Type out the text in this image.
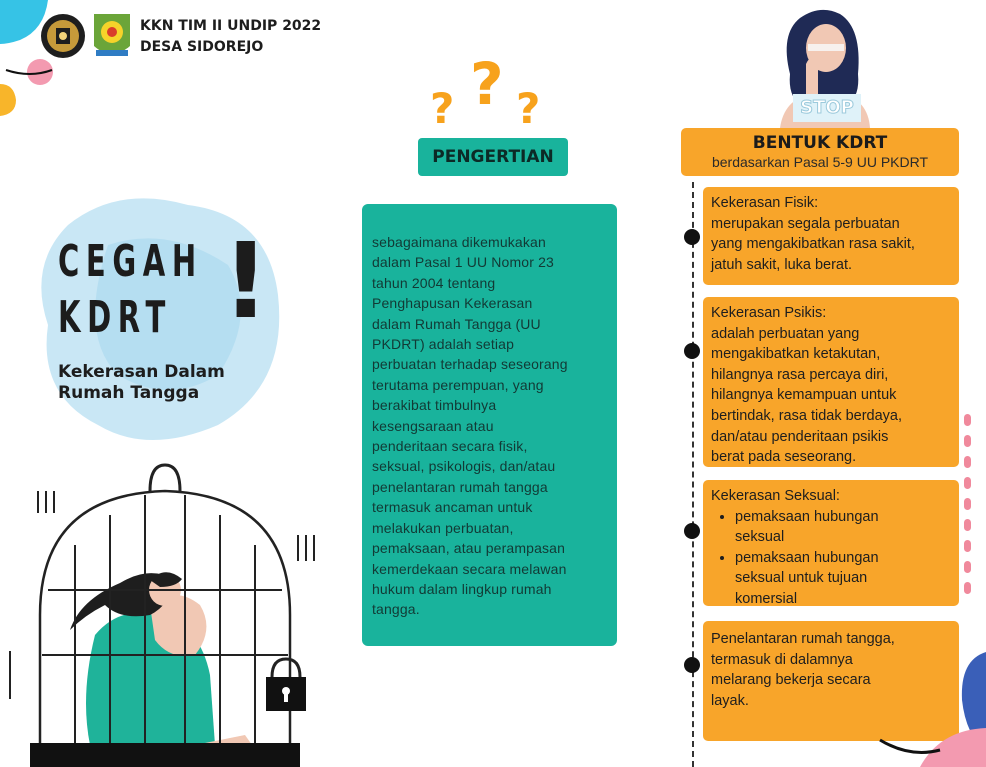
KKN TIM II UNDIP 2022
DESA SIDOREJO
CEGAH
KDRT !
Kekerasan Dalam
Rumah Tangga
? ? ?
PENGERTIAN
sebagaimana dikemukakan
dalam Pasal 1 UU Nomor 23
tahun 2004 tentang
Penghapusan Kekerasan
dalam Rumah Tangga (UU
PKDRT) adalah setiap
perbuatan terhadap seseorang
terutama perempuan, yang
berakibat timbulnya
kesengsaraan atau
penderitaan secara fisik,
seksual, psikologis, dan/atau
penelantaran rumah tangga
termasuk ancaman untuk
melakukan perbuatan,
pemaksaan, atau perampasan
kemerdekaan secara melawan
hukum dalam lingkup rumah
tangga.
STOP
BENTUK KDRT
berdasarkan Pasal 5-9 UU PKDRT
Kekerasan Fisik:
merupakan segala perbuatan
yang mengakibatkan rasa sakit,
jatuh sakit, luka berat.
Kekerasan Psikis:
adalah perbuatan yang
mengakibatkan ketakutan,
hilangnya rasa percaya diri,
hilangnya kemampuan untuk
bertindak, rasa tidak berdaya,
dan/atau penderitaan psikis
berat pada seseorang.
Kekerasan Seksual:
• pemaksaan hubungan
seksual
• pemaksaan hubungan
seksual untuk tujuan
komersial
Penelantaran rumah tangga,
termasuk di dalamnya
melarang bekerja secara
layak.
